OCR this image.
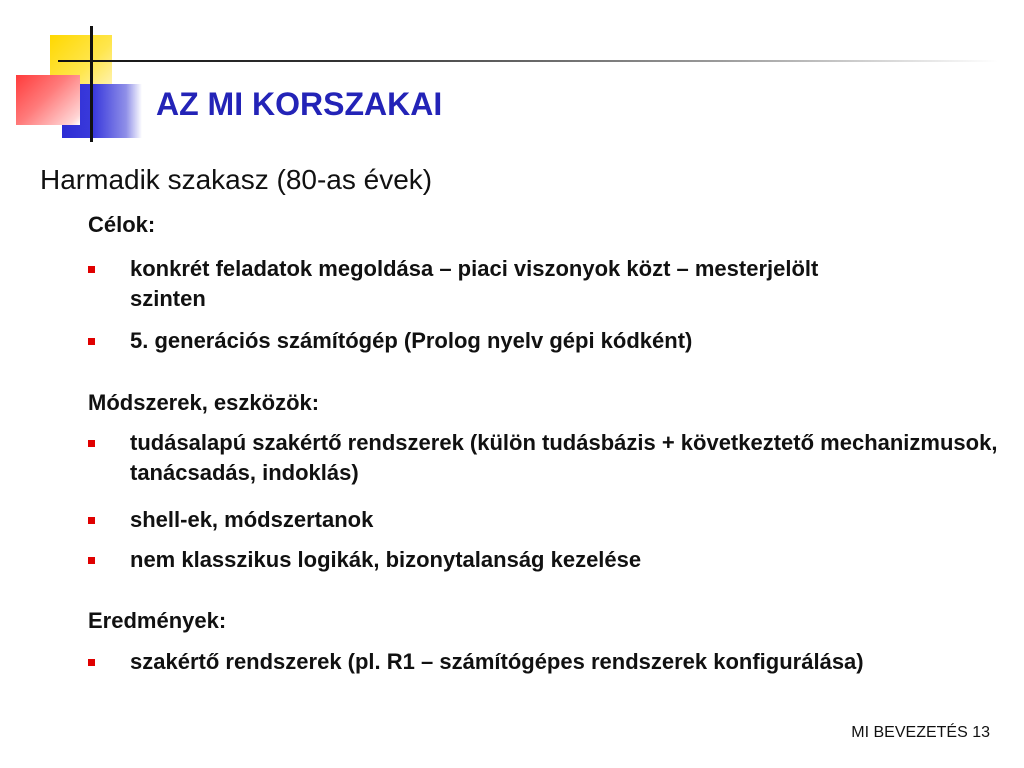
AZ MI KORSZAKAI
Harmadik szakasz (80-as évek)
Célok:
konkrét feladatok megoldása – piaci viszonyok közt – mesterjelölt szinten
5. generációs számítógép (Prolog nyelv gépi kódként)
Módszerek, eszközök:
tudásalapú szakértő rendszerek (külön tudásbázis + következtető mechanizmusok, tanácsadás, indoklás)
shell-ek, módszertanok
nem klasszikus logikák, bizonytalanság kezelése
Eredmények:
szakértő rendszerek (pl. R1 – számítógépes rendszerek konfigurálása)
MI BEVEZETÉS 13
